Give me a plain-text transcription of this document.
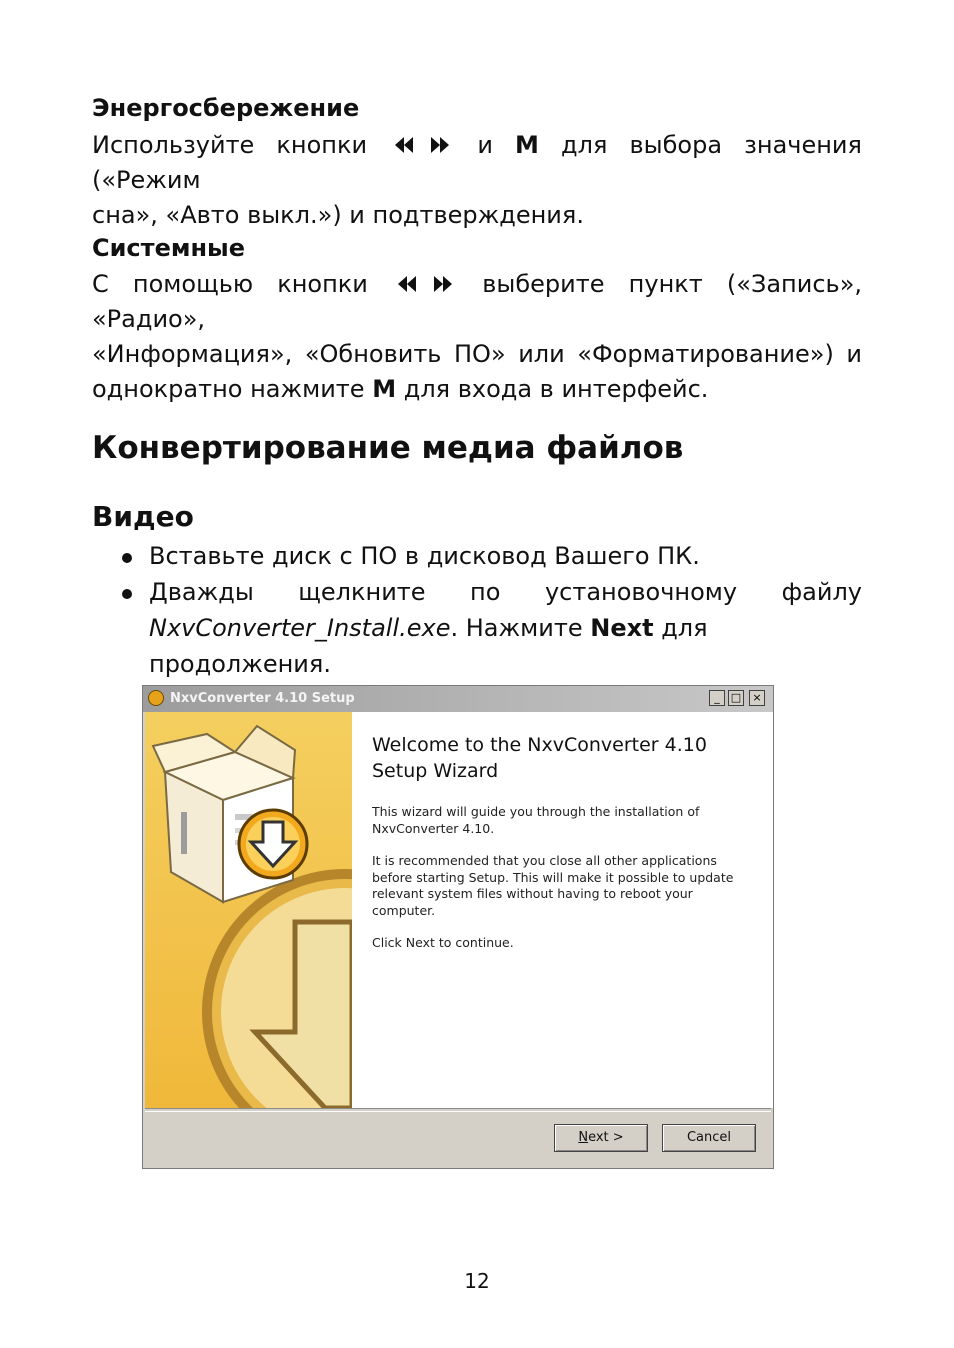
Энергосбережение
Используйте кнопки	и M для выбора значения («Режим
сна», «Авто выкл.») и подтверждения.
Системные
С помощью кнопки	выберите пункт («Запись», «Радио»,
«Информация», «Обновить ПО» или «Форматирование») и
однократно нажмите M для входа в интерфейс.
Конвертирование медиа файлов
Видео
Вставьте диск с ПО в дисковод Вашего ПК.
Дважды щелкните по установочному файлу
NxvConverter_Install.exe. Нажмите Next для продолжения.
NxvConverter 4.10 Setup	_	□	×
Welcome to the NxvConverter 4.10 Setup Wizard
This wizard will guide you through the installation of NxvConverter 4.10.
It is recommended that you close all other applications before starting Setup. This will make it possible to update relevant system files without having to reboot your computer.
Click Next to continue.
Next >	Cancel
12
